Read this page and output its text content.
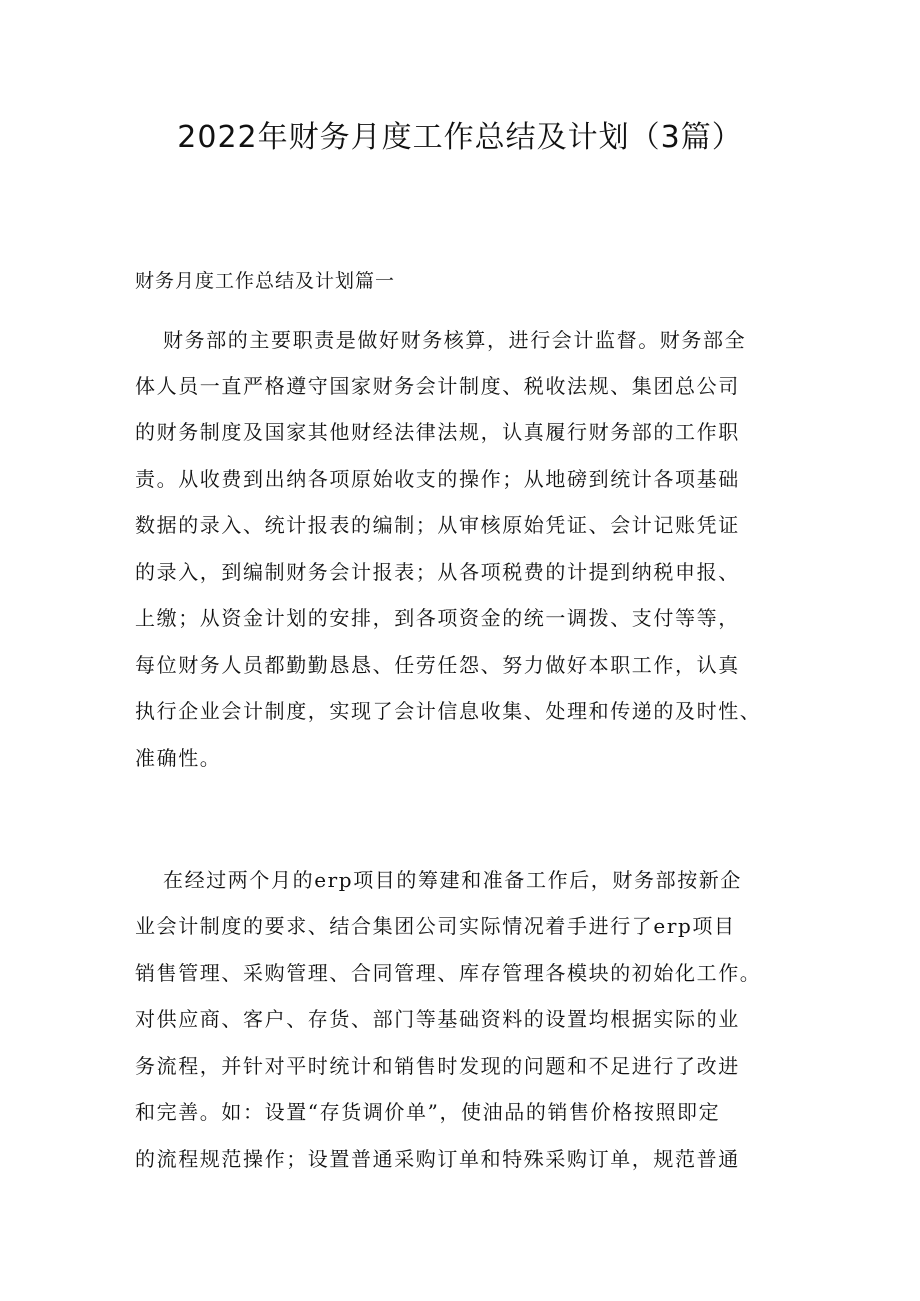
2022年财务月度工作总结及计划（3篇）
财务月度工作总结及计划篇一

财务部的主要职责是做好财务核算，进行会计监督。财务部全

体人员一直严格遵守国家财务会计制度、税收法规、集团总公司

的财务制度及国家其他财经法律法规，认真履行财务部的工作职

责。从收费到出纳各项原始收支的操作；从地磅到统计各项基础

数据的录入、统计报表的编制；从审核原始凭证、会计记账凭证

的录入，到编制财务会计报表；从各项税费的计提到纳税申报、

上缴；从资金计划的安排，到各项资金的统一调拨、支付等等，

每位财务人员都勤勤恳恳、任劳任怨、努力做好本职工作，认真

执行企业会计制度，实现了会计信息收集、处理和传递的及时性、

准确性。

在经过两个月的erp项目的筹建和准备工作后，财务部按新企

业会计制度的要求、结合集团公司实际情况着手进行了erp项目

销售管理、采购管理、合同管理、库存管理各模块的初始化工作。

对供应商、客户、存货、部门等基础资料的设置均根据实际的业

务流程，并针对平时统计和销售时发现的问题和不足进行了改进

和完善。如：设置“存货调价单”，使油品的销售价格按照即定

的流程规范操作；设置普通采购订单和特殊采购订单，规范普通
